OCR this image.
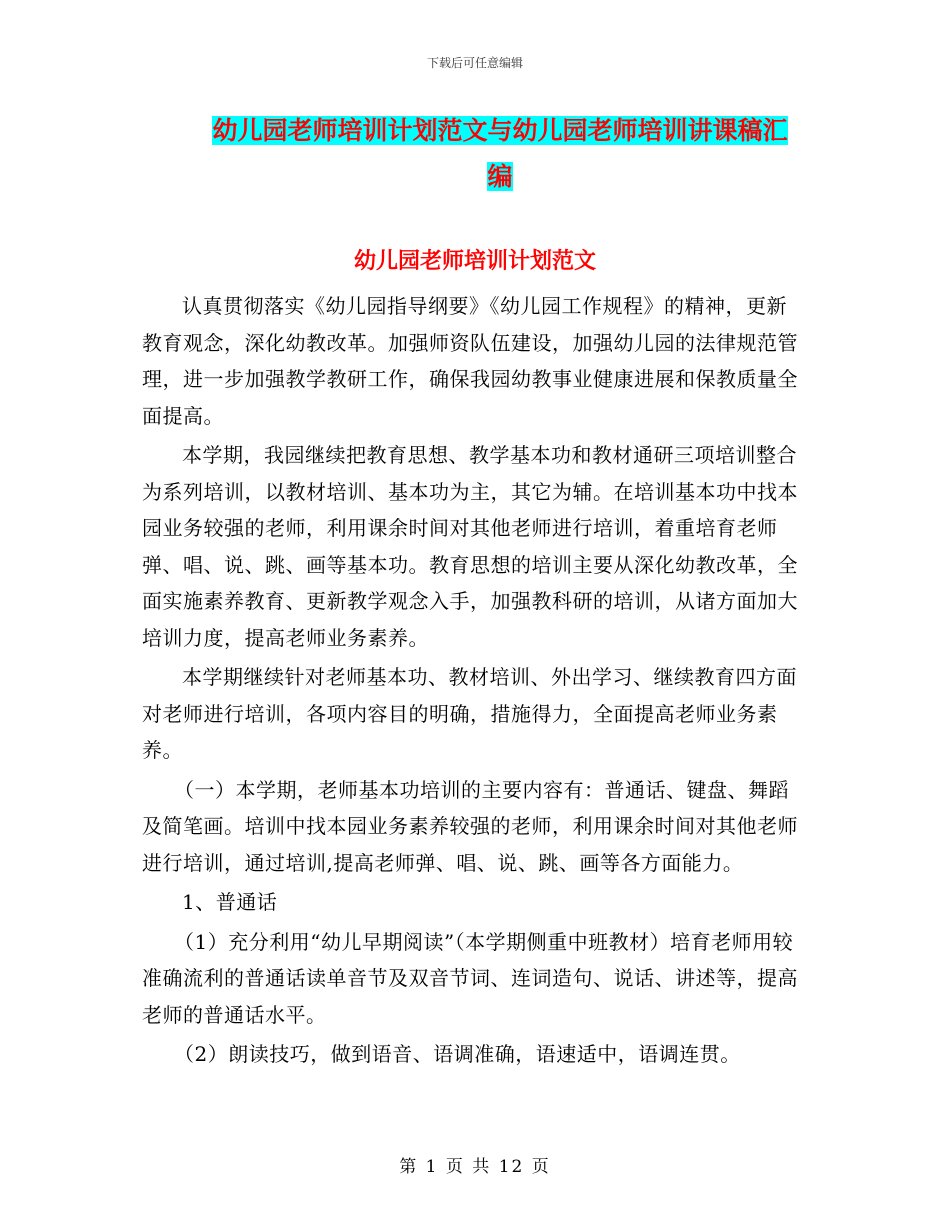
下载后可任意编辑
幼儿园老师培训计划范文与幼儿园老师培训讲课稿汇
编
幼儿园老师培训计划范文

认真贯彻落实《幼儿园指导纲要》《幼儿园工作规程》的精神，更新教育观念，深化幼教改革。加强师资队伍建设，加强幼儿园的法律规范管理，进一步加强教学教研工作，确保我园幼教事业健康进展和保教质量全面提高。

本学期，我园继续把教育思想、教学基本功和教材通研三项培训整合为系列培训，以教材培训、基本功为主，其它为辅。在培训基本功中找本园业务较强的老师，利用课余时间对其他老师进行培训，着重培育老师弹、唱、说、跳、画等基本功。教育思想的培训主要从深化幼教改革，全面实施素养教育、更新教学观念入手，加强教科研的培训，从诸方面加大培训力度，提高老师业务素养。

本学期继续针对老师基本功、教材培训、外出学习、继续教育四方面对老师进行培训，各项内容目的明确，措施得力，全面提高老师业务素养。

（一）本学期，老师基本功培训的主要内容有：普通话、键盘、舞蹈及简笔画。培训中找本园业务素养较强的老师，利用课余时间对其他老师进行培训，通过培训,提高老师弹、唱、说、跳、画等各方面能力。

1、普通话

（1）充分利用“幼儿早期阅读”（本学期侧重中班教材）培育老师用较准确流利的普通话读单音节及双音节词、连词造句、说话、讲述等，提高老师的普通话水平。

（2）朗读技巧，做到语音、语调准确，语速适中，语调连贯。

第 1 页 共 12 页
